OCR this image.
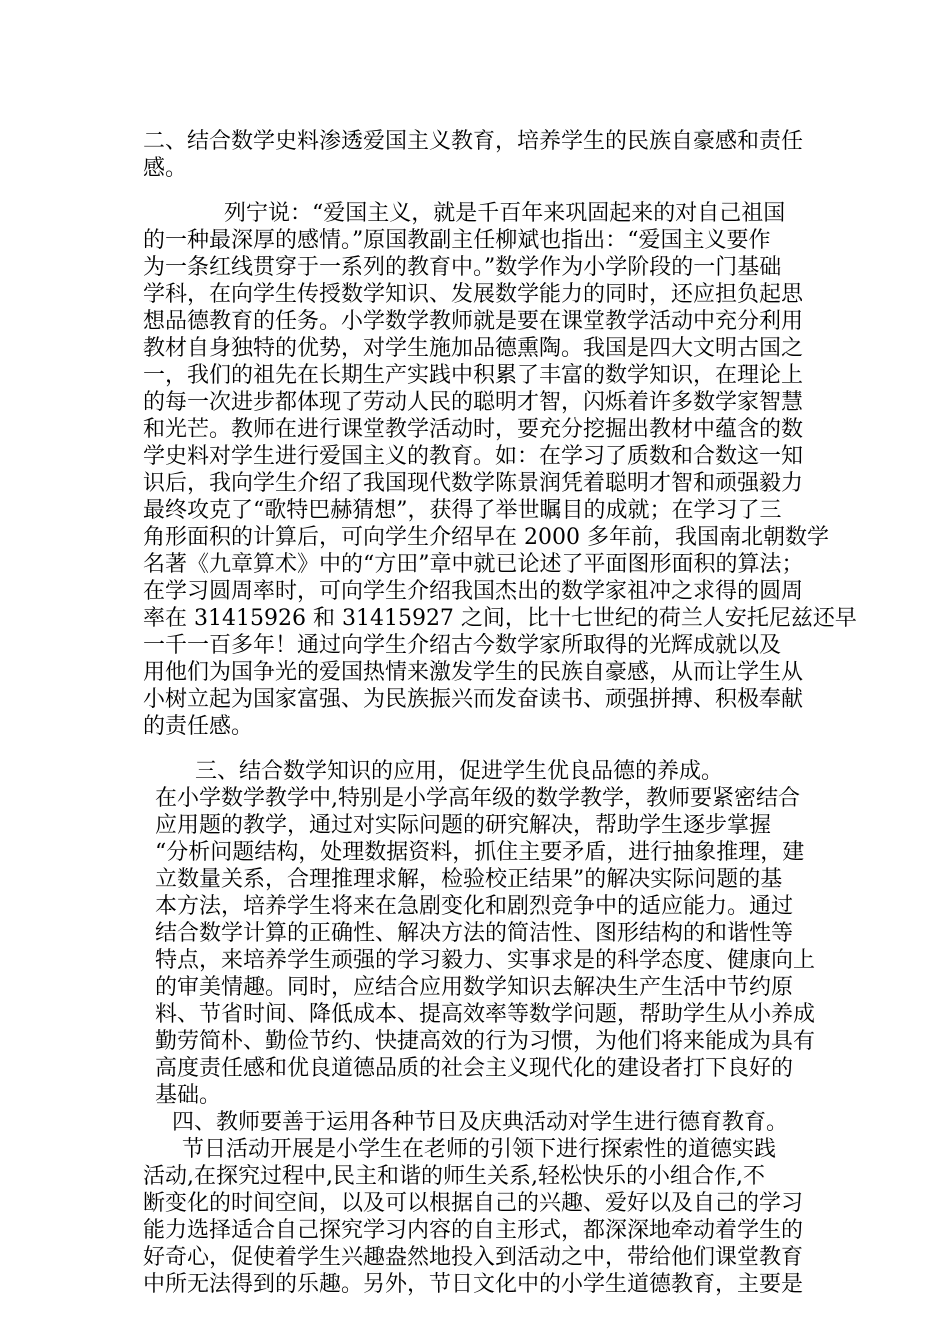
二、结合数学史料渗透爱国主义教育，培养学生的民族自豪感和责任

感。

列宁说：“爱国主义，就是千百年来巩固起来的对自己祖国

的一种最深厚的感情。”原国教副主任柳斌也指出：“爱国主义要作

为一条红线贯穿于一系列的教育中。”数学作为小学阶段的一门基础

学科，在向学生传授数学知识、发展数学能力的同时，还应担负起思

想品德教育的任务。小学数学教师就是要在课堂教学活动中充分利用

教材自身独特的优势，对学生施加品德熏陶。我国是四大文明古国之

一，我们的祖先在长期生产实践中积累了丰富的数学知识，在理论上

的每一次进步都体现了劳动人民的聪明才智，闪烁着许多数学家智慧

和光芒。教师在进行课堂教学活动时，要充分挖掘出教材中蕴含的数

学史料对学生进行爱国主义的教育。如：在学习了质数和合数这一知

识后，我向学生介绍了我国现代数学陈景润凭着聪明才智和顽强毅力

最终攻克了“歌特巴赫猜想”，获得了举世瞩目的成就；在学习了三

角形面积的计算后，可向学生介绍早在 2000 多年前，我国南北朝数学

名著《九章算术》中的“方田”章中就已论述了平面图形面积的算法；

在学习圆周率时，可向学生介绍我国杰出的数学家祖冲之求得的圆周

率在 31415926 和 31415927 之间，比十七世纪的荷兰人安托尼兹还早

一千一百多年！通过向学生介绍古今数学家所取得的光辉成就以及

用他们为国争光的爱国热情来激发学生的民族自豪感，从而让学生从

小树立起为国家富强、为民族振兴而发奋读书、顽强拼搏、积极奉献

的责任感。

三、结合数学知识的应用，促进学生优良品德的养成。

在小学数学教学中,特别是小学高年级的数学教学，教师要紧密结合

应用题的教学，通过对实际问题的研究解决，帮助学生逐步掌握

“分析问题结构，处理数据资料，抓住主要矛盾，进行抽象推理，建

立数量关系，合理推理求解，检验校正结果”的解决实际问题的基

本方法，培养学生将来在急剧变化和剧烈竞争中的适应能力。通过

结合数学计算的正确性、解决方法的简洁性、图形结构的和谐性等

特点，来培养学生顽强的学习毅力、实事求是的科学态度、健康向上

的审美情趣。同时，应结合应用数学知识去解决生产生活中节约原

料、节省时间、降低成本、提高效率等数学问题，帮助学生从小养成

勤劳简朴、勤俭节约、快捷高效的行为习惯，为他们将来能成为具有

高度责任感和优良道德品质的社会主义现代化的建设者打下良好的

基础。

四、教师要善于运用各种节日及庆典活动对学生进行德育教育。

节日活动开展是小学生在老师的引领下进行探索性的道德实践

活动,在探究过程中,民主和谐的师生关系,轻松快乐的小组合作,不

断变化的时间空间，以及可以根据自己的兴趣、爱好以及自己的学习

能力选择适合自己探究学习内容的自主形式，都深深地牵动着学生的

好奇心，促使着学生兴趣盎然地投入到活动之中，带给他们课堂教育

中所无法得到的乐趣。另外，节日文化中的小学生道德教育，主要是
